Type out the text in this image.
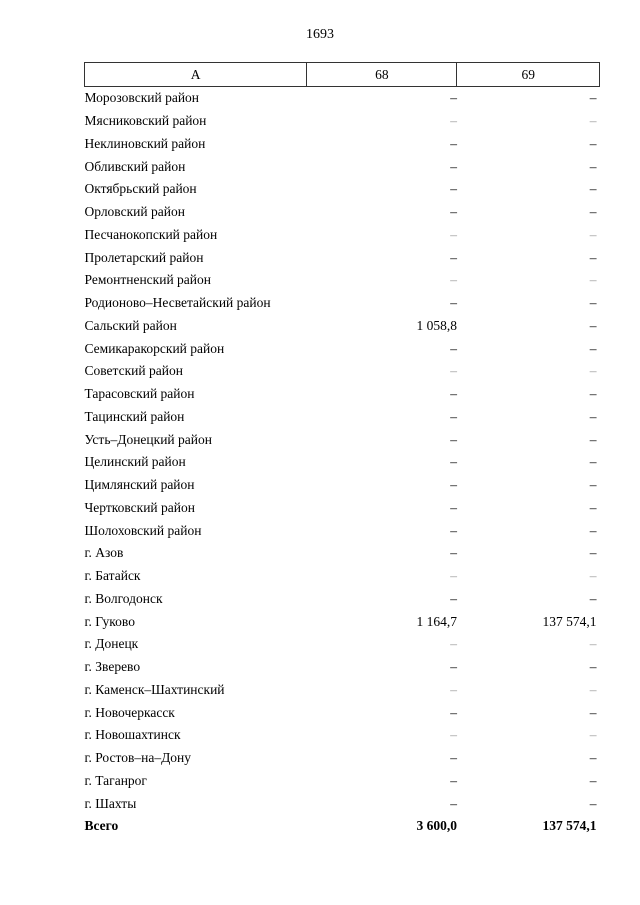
1693
А	68	69
Морозовский район	–	–
Мясниковский район	–	–
Неклиновский район	–	–
Обливский район	–	–
Октябрьский район	–	–
Орловский район	–	–
Песчанокопский район	–	–
Пролетарский район	–	–
Ремонтненский район	–	–
Родионово–Несветайский район	–	–
Сальский район	1 058,8	–
Семикаракорский район	–	–
Советский район	–	–
Тарасовский район	–	–
Тацинский район	–	–
Усть–Донецкий район	–	–
Целинский район	–	–
Цимлянский район	–	–
Чертковский район	–	–
Шолоховский район	–	–
г. Азов	–	–
г. Батайск	–	–
г. Волгодонск	–	–
г. Гуково	1 164,7	137 574,1
г. Донецк	–	–
г. Зверево	–	–
г. Каменск–Шахтинский	–	–
г. Новочеркасск	–	–
г. Новошахтинск	–	–
г. Ростов–на–Дону	–	–
г. Таганрог	–	–
г. Шахты	–	–
Всего	3 600,0	137 574,1
